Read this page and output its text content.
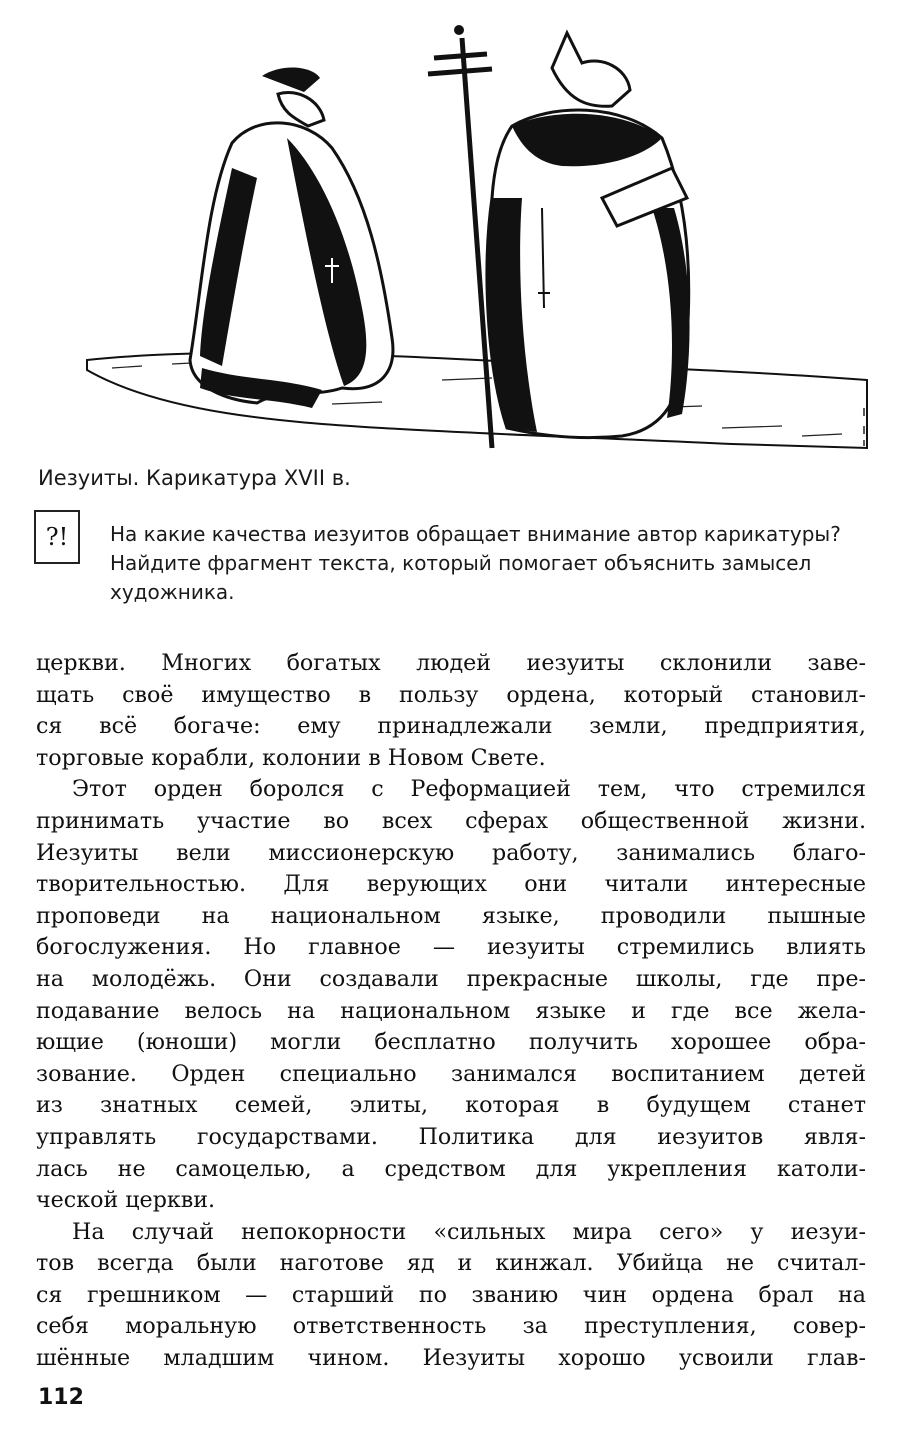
Иезуиты. Карикатура XVII в.
?!	На какие качества иезуитов обращает внимание автор карикатуры?
Найдите фрагмент текста, который помогает объяснить замысел
художника.
церкви. Многих богатых людей иезуиты склонили заве-
щать своё имущество в пользу ордена, который становил-
ся всё богаче: ему принадлежали земли, предприятия,
торговые корабли, колонии в Новом Свете.
Этот орден боролся с Реформацией тем, что стремился
принимать участие во всех сферах общественной жизни.
Иезуиты вели миссионерскую работу, занимались благо-
творительностью. Для верующих они читали интересные
проповеди на национальном языке, проводили пышные
богослужения. Но главное — иезуиты стремились влиять
на молодёжь. Они создавали прекрасные школы, где пре-
подавание велось на национальном языке и где все жела-
ющие (юноши) могли бесплатно получить хорошее обра-
зование. Орден специально занимался воспитанием детей
из знатных семей, элиты, которая в будущем станет
управлять государствами. Политика для иезуитов явля-
лась не самоцелью, а средством для укрепления католи-
ческой церкви.
На случай непокорности «сильных мира сего» у иезуи-
тов всегда были наготове яд и кинжал. Убийца не считал-
ся грешником — старший по званию чин ордена брал на
себя моральную ответственность за преступления, совер-
шённые младшим чином. Иезуиты хорошо усвоили глав-
112
